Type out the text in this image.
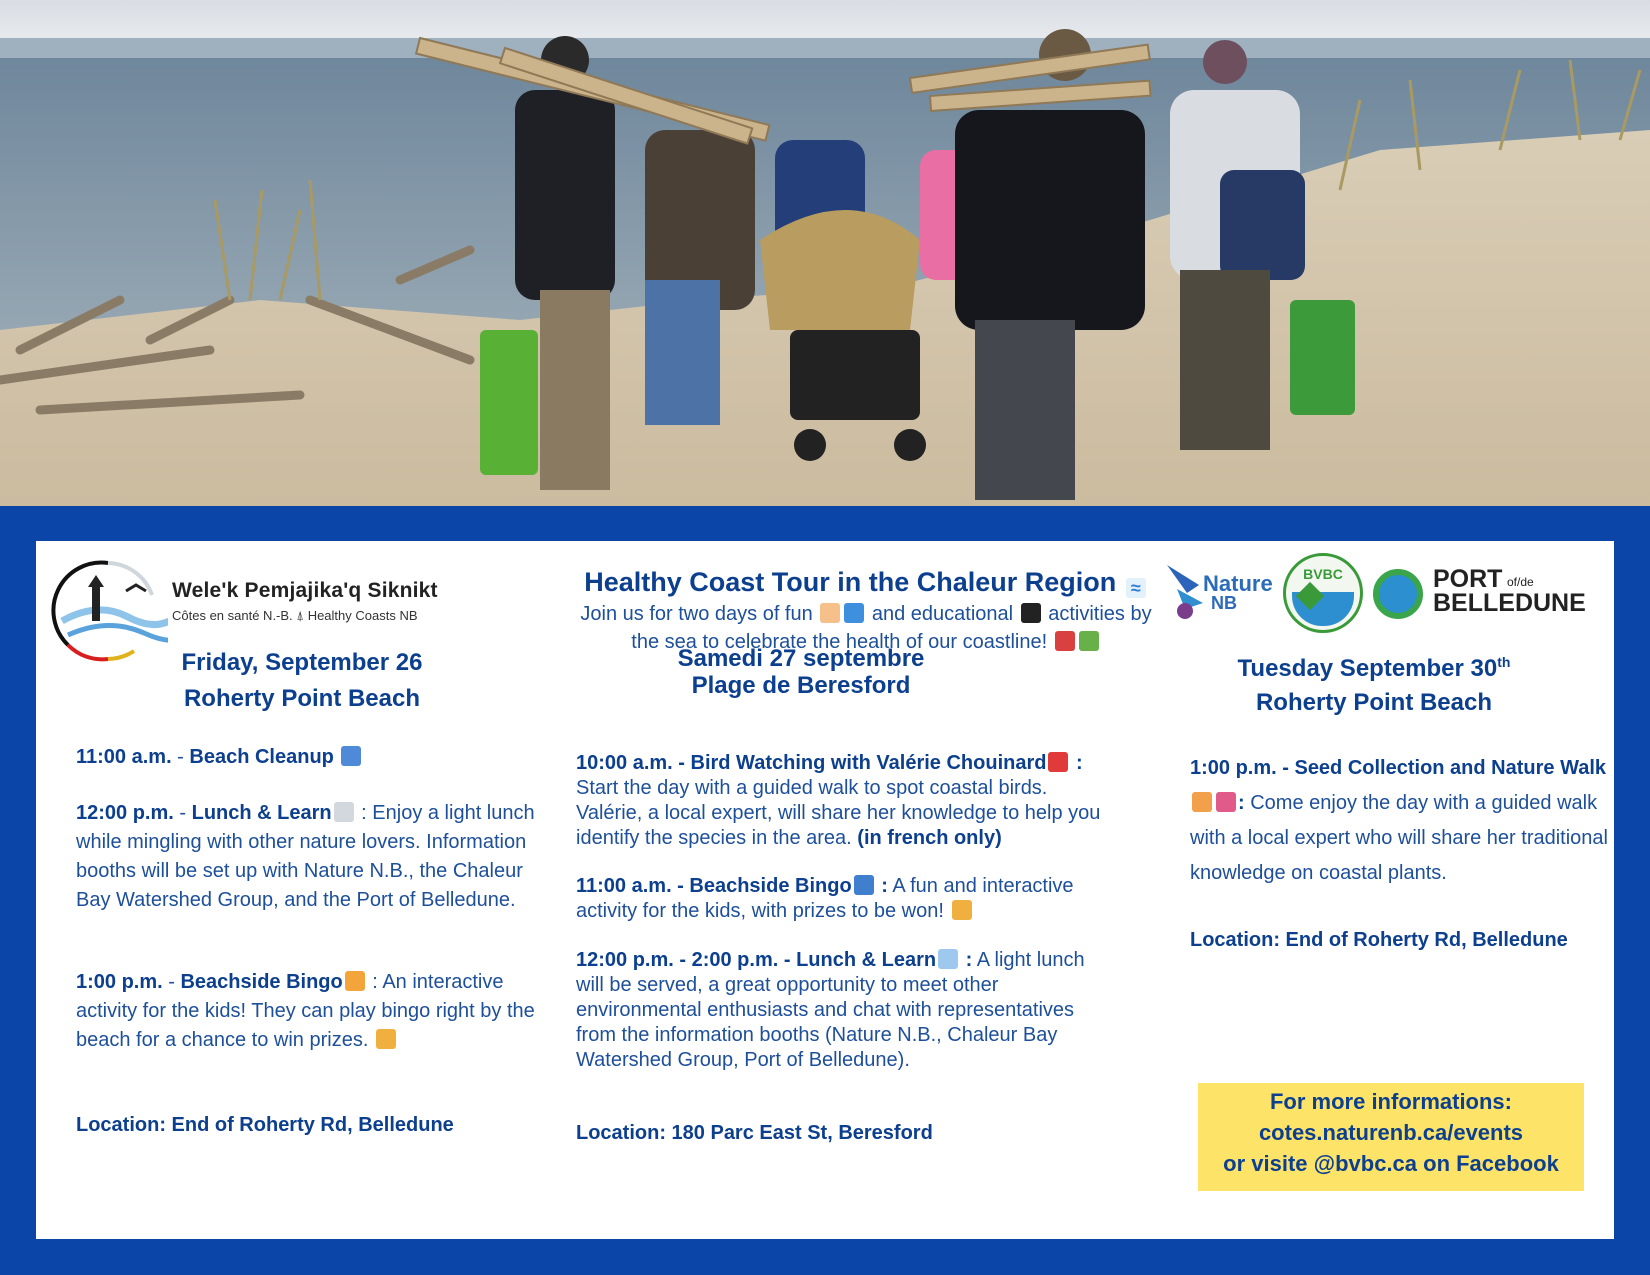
Wele'k Pemjajika'q Siknikt
Côtes en santé N.-B. ⍋ Healthy Coasts NB
Healthy Coast Tour in the Chaleur Region ≈
Join us for two days of fun	and educational activities by
the sea to celebrate the health of our coastline!
Nature
NB
BVBC	PORT of/de
BELLEDUNE
Friday, September 26
Roherty Point Beach
11:00 a.m. - Beach Cleanup
12:00 p.m. - Lunch & Learn : Enjoy a light lunch while mingling with other nature lovers. Information booths will be set up with Nature N.B., the Chaleur Bay Watershed Group, and the Port of Belledune.
1:00 p.m. - Beachside Bingo : An interactive activity for the kids! They can play bingo right by the beach for a chance to win prizes.
Location: End of Roherty Rd, Belledune
Samedi 27 septembre
Plage de Beresford
10:00 a.m. - Bird Watching with Valérie Chouinard :
Start the day with a guided walk to spot coastal birds. Valérie, a local expert, will share her knowledge to help you identify the species in the area. (in french only)
11:00 a.m. - Beachside Bingo : A fun and interactive activity for the kids, with prizes to be won!
12:00 p.m. - 2:00 p.m. - Lunch & Learn : A light lunch will be served, a great opportunity to meet other environmental enthusiasts and chat with representatives from the information booths (Nature N.B., Chaleur Bay Watershed Group, Port of Belledune).
Location: 180 Parc East St, Beresford
Tuesday September 30th
Roherty Point Beach
1:00 p.m. - Seed Collection and Nature Walk
: Come enjoy the day with a guided walk with a local expert who will share her traditional knowledge on coastal plants.
Location: End of Roherty Rd, Belledune
For more informations:
cotes.naturenb.ca/events
or visite @bvbc.ca on Facebook
